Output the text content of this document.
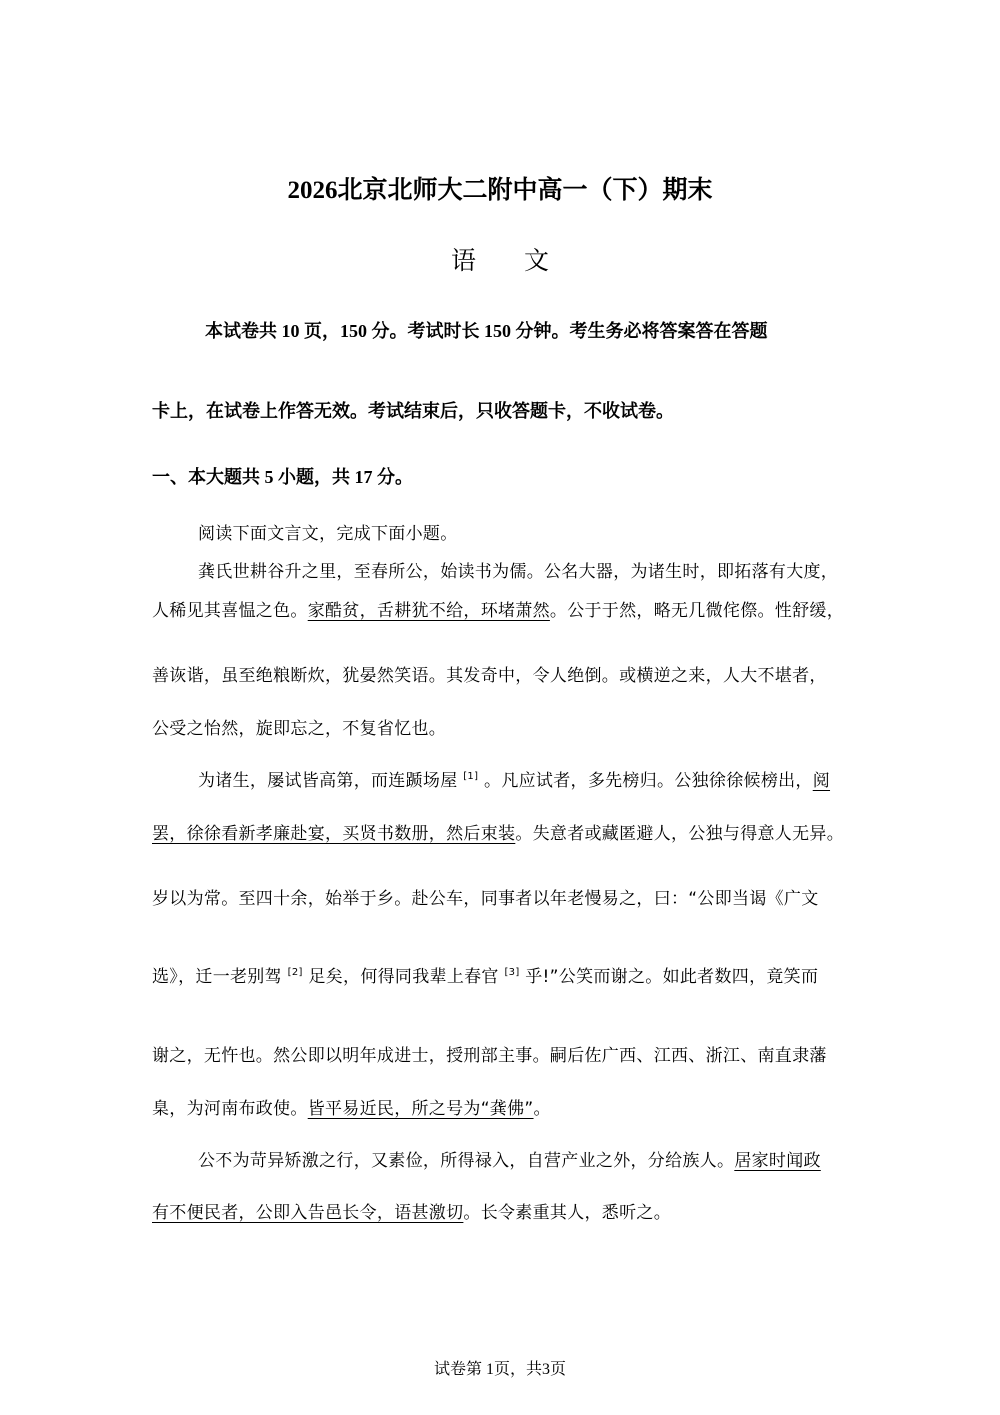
2026北京北师大二附中高一（下）期末
语 文
本试卷共 10 页，150 分。考试时长 150 分钟。考生务必将答案答在答题
卡上，在试卷上作答无效。考试结束后，只收答题卡，不收试卷。
一、本大题共 5 小题，共 17 分。
阅读下面文言文，完成下面小题。
龚氏世耕谷升之里，至春所公，始读书为儒。公名大器，为诸生时，即拓落有大度，
人稀见其喜愠之色。家酷贫，舌耕犹不给，环堵萧然。公于于然，略无几微侘傺。性舒缓，
善诙谐，虽至绝粮断炊，犹晏然笑语。其发奇中，令人绝倒。或横逆之来，人大不堪者，
公受之怡然，旋即忘之，不复省忆也。
为诸生，屡试皆高第，而连踬场屋 [1] 。凡应试者，多先榜归。公独徐徐候榜出，阅
罢，徐徐看新孝廉赴宴，买贤书数册，然后束装。失意者或藏匿避人，公独与得意人无异。
岁以为常。至四十余，始举于乡。赴公车，同事者以年老慢易之，曰：“公即当谒《广文
选》，迁一老别驾 [2] 足矣，何得同我辈上春官 [3] 乎!”公笑而谢之。如此者数四，竟笑而
谢之，无忤也。然公即以明年成进士，授刑部主事。嗣后佐广西、江西、浙江、南直隶藩
臬，为河南布政使。皆平易近民，所之号为“龚佛”。
公不为苛异矫激之行，又素俭，所得禄入，自营产业之外，分给族人。居家时闻政
有不便民者，公即入告邑长令，语甚激切。长令素重其人，悉听之。
试卷第 1页，共3页
